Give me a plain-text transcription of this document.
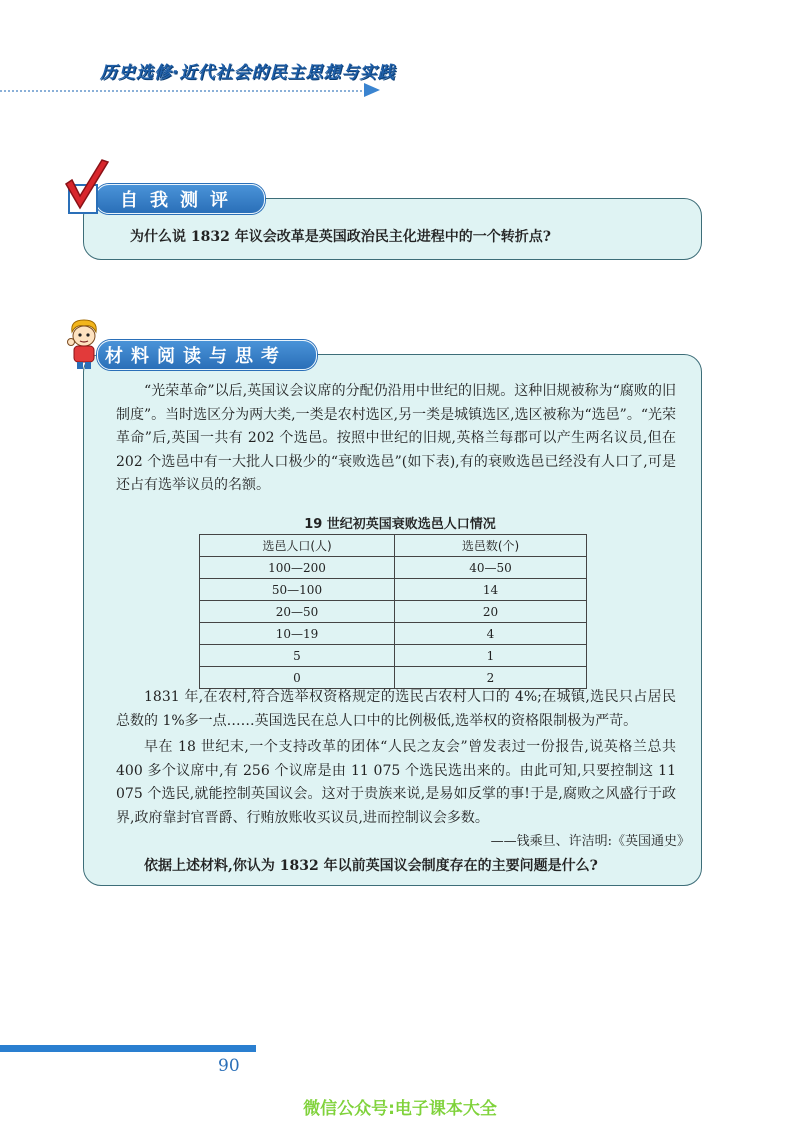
历史选修·近代社会的民主思想与实践
自我测评
为什么说 1832 年议会改革是英国政治民主化进程中的一个转折点?
材料阅读与思考

“光荣革命”以后,英国议会议席的分配仍沿用中世纪的旧规。这种旧规被称为“腐败的旧制度”。当时选区分为两大类,一类是农村选区,另一类是城镇选区,选区被称为“选邑”。“光荣革命”后,英国一共有 202 个选邑。按照中世纪的旧规,英格兰每郡可以产生两名议员,但在 202 个选邑中有一大批人口极少的“衰败选邑”(如下表),有的衰败选邑已经没有人口了,可是还占有选举议员的名额。

19 世纪初英国衰败选邑人口情况
选邑人口(人)	选邑数(个)
100—200	40—50
50—100	14
20—50	20
10—19	4
5	1
0	2

1831 年,在农村,符合选举权资格规定的选民占农村人口的 4%;在城镇,选民只占居民总数的 1%多一点……英国选民在总人口中的比例极低,选举权的资格限制极为严苛。

早在 18 世纪末,一个支持改革的团体“人民之友会”曾发表过一份报告,说英格兰总共 400 多个议席中,有 256 个议席是由 11 075 个选民选出来的。由此可知,只要控制这 11 075 个选民,就能控制英国议会。这对于贵族来说,是易如反掌的事!于是,腐败之风盛行于政界,政府靠封官晋爵、行贿放账收买议员,进而控制议会多数。

——钱乘旦、许洁明:《英国通史》
依据上述材料,你认为 1832 年以前英国议会制度存在的主要问题是什么?
90
微信公众号:电子课本大全
